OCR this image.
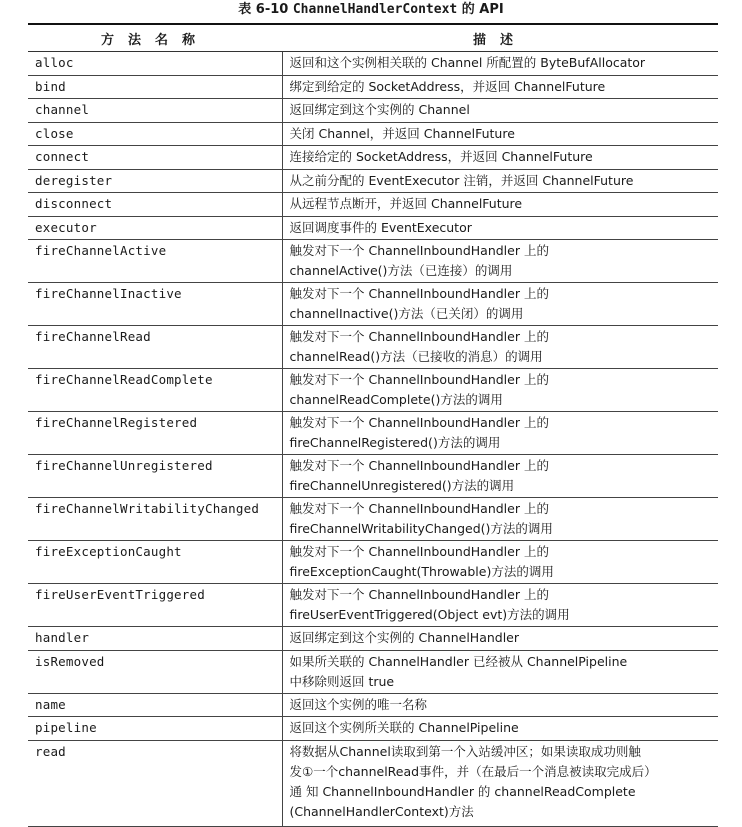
表 6-10 ChannelHandlerContext 的 API
方法名称	描述
alloc	返回和这个实例相关联的 Channel 所配置的 ByteBufAllocator

bind	绑定到给定的 SocketAddress，并返回 ChannelFuture

channel	返回绑定到这个实例的 Channel

close	关闭 Channel，并返回 ChannelFuture

connect	连接给定的 SocketAddress，并返回 ChannelFuture

deregister	从之前分配的 EventExecutor 注销，并返回 ChannelFuture

disconnect	从远程节点断开，并返回 ChannelFuture

executor	返回调度事件的 EventExecutor

fireChannelActive	触发对下一个 ChannelInboundHandler 上的
channelActive()方法（已连接）的调用

fireChannelInactive	触发对下一个 ChannelInboundHandler 上的
channelInactive()方法（已关闭）的调用

fireChannelRead	触发对下一个 ChannelInboundHandler 上的
channelRead()方法（已接收的消息）的调用

fireChannelReadComplete	触发对下一个 ChannelInboundHandler 上的
channelReadComplete()方法的调用

fireChannelRegistered	触发对下一个 ChannelInboundHandler 上的
fireChannelRegistered()方法的调用

fireChannelUnregistered	触发对下一个 ChannelInboundHandler 上的
fireChannelUnregistered()方法的调用

fireChannelWritabilityChanged	触发对下一个 ChannelInboundHandler 上的
fireChannelWritabilityChanged()方法的调用

fireExceptionCaught	触发对下一个 ChannelInboundHandler 上的
fireExceptionCaught(Throwable)方法的调用

fireUserEventTriggered	触发对下一个 ChannelInboundHandler 上的
fireUserEventTriggered(Object evt)方法的调用

handler	返回绑定到这个实例的 ChannelHandler

isRemoved	如果所关联的 ChannelHandler 已经被从 ChannelPipeline
中移除则返回 true

name	返回这个实例的唯一名称

pipeline	返回这个实例所关联的 ChannelPipeline

read	将数据从Channel读取到第一个入站缓冲区；如果读取成功则触
发①一个channelRead事件，并（在最后一个消息被读取完成后）
通 知 ChannelInboundHandler 的 channelReadComplete
(ChannelHandlerContext)方法
